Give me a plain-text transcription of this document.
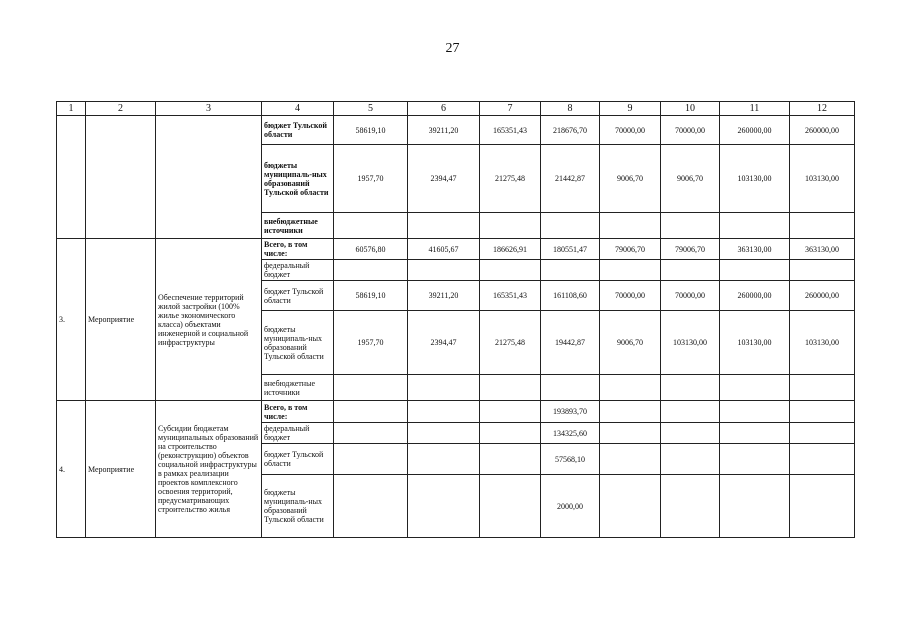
27
1	2	3	4	5	6	7	8	9	10	11	12
			бюджет Тульской области	58619,10	39211,20	165351,43	218676,70	70000,00	70000,00	260000,00	260000,00
			бюджеты муниципаль-ных образований Тульской области	1957,70	2394,47	21275,48	21442,87	9006,70	9006,70	103130,00	103130,00
			внебюджетные источники								
3.	Мероприятие	Обеспечение территорий жилой застройки (100% жилье экономического класса) объектами инженерной и социальной инфраструктуры	Всего, в том числе:	60576,80	41605,67	186626,91	180551,47	79006,70	79006,70	363130,00	363130,00
			федеральный бюджет								
			бюджет Тульской области	58619,10	39211,20	165351,43	161108,60	70000,00	70000,00	260000,00	260000,00
			бюджеты муниципаль-ных образований Тульской области	1957,70	2394,47	21275,48	19442,87	9006,70	103130,00	103130,00	103130,00
			внебюджетные источники								
4.	Мероприятие	Субсидии бюджетам муниципальных образований на строительство (реконструкцию) объектов социальной инфраструктуры в рамках реализации проектов комплексного освоения территорий, предусматривающих строительство жилья	Всего, в том числе:				193893,70				
			федеральный бюджет				134325,60				
			бюджет Тульской области				57568,10				
			бюджеты муниципаль-ных образований Тульской области				2000,00				
